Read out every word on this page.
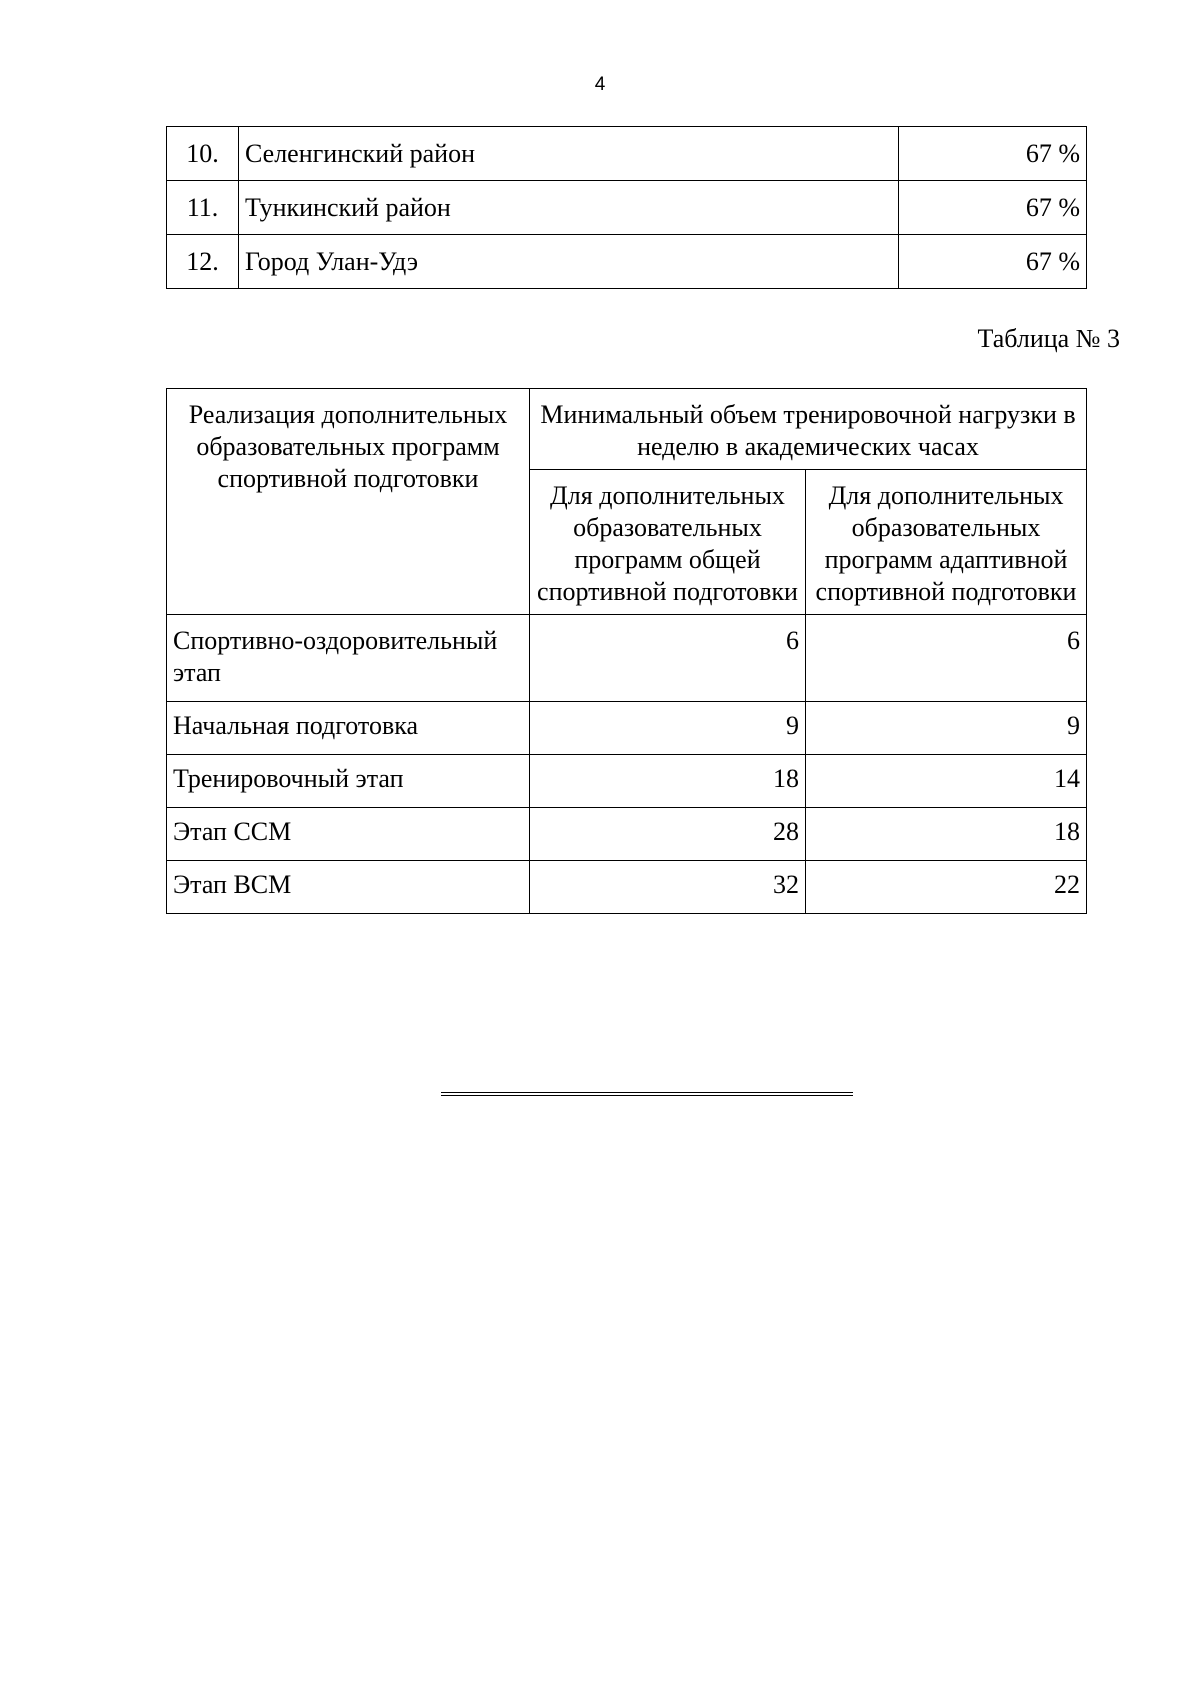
4
10.	Селенгинский район	67 %
11.	Тункинский район	67 %
12.	Город Улан-Удэ	67 %
Таблица № 3
Реализация дополнительных образовательных программ спортивной подготовки	Минимальный объем тренировочной нагрузки в неделю в академических часах	
	Для дополнительных образовательных программ общей спортивной подготовки	Для дополнительных образовательных программ адаптивной спортивной подготовки
Спортивно-оздоровительный этап	6	6
Начальная подготовка	9	9
Тренировочный этап	18	14
Этап ССМ	28	18
Этап ВСМ	32	22
